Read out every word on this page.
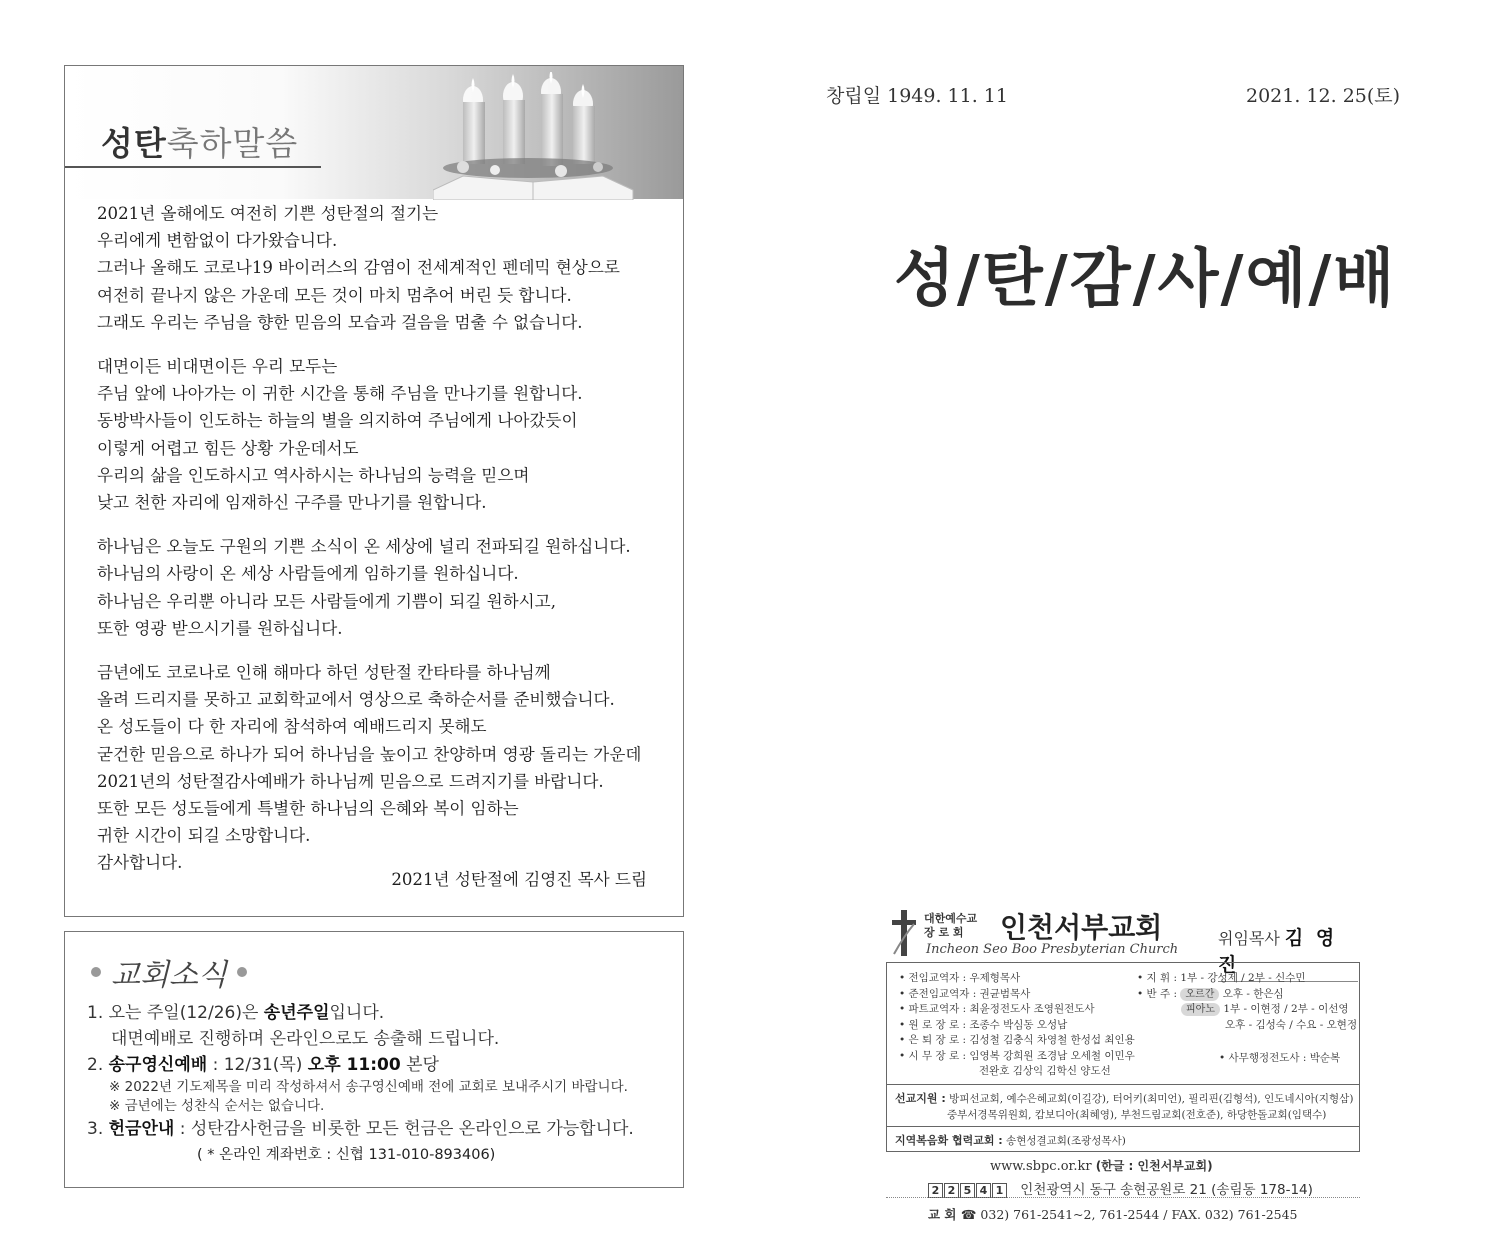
성탄축하말씀

2021년 올해에도 여전히 기쁜 성탄절의 절기는
우리에게 변함없이 다가왔습니다.
그러나 올해도 코로나19 바이러스의 감염이 전세계적인 펜데믹 현상으로
여전히 끝나지 않은 가운데 모든 것이 마치 멈추어 버린 듯 합니다.
그래도 우리는 주님을 향한 믿음의 모습과 걸음을 멈출 수 없습니다.

대면이든 비대면이든 우리 모두는
주님 앞에 나아가는 이 귀한 시간을 통해 주님을 만나기를 원합니다.
동방박사들이 인도하는 하늘의 별을 의지하여 주님에게 나아갔듯이
이렇게 어렵고 힘든 상황 가운데서도
우리의 삶을 인도하시고 역사하시는 하나님의 능력을 믿으며
낮고 천한 자리에 임재하신 구주를 만나기를 원합니다.

하나님은 오늘도 구원의 기쁜 소식이 온 세상에 널리 전파되길 원하십니다.
하나님의 사랑이 온 세상 사람들에게 임하기를 원하십니다.
하나님은 우리뿐 아니라 모든 사람들에게 기쁨이 되길 원하시고,
또한 영광 받으시기를 원하십니다.

금년에도 코로나로 인해 해마다 하던 성탄절 칸타타를 하나님께
올려 드리지를 못하고 교회학교에서 영상으로 축하순서를 준비했습니다.
온 성도들이 다 한 자리에 참석하여 예배드리지 못해도
굳건한 믿음으로 하나가 되어 하나님을 높이고 찬양하며 영광 돌리는 가운데
2021년의 성탄절감사예배가 하나님께 믿음으로 드려지기를 바랍니다.
또한 모든 성도들에게 특별한 하나님의 은혜와 복이 임하는
귀한 시간이 되길 소망합니다.
감사합니다.

2021년 성탄절에 김영진 목사 드림
교회소식
1. 오는 주일(12/26)은 송년주일입니다.
대면예배로 진행하며 온라인으로도 송출해 드립니다.
2. 송구영신예배 : 12/31(목) 오후 11:00 본당
※ 2022년 기도제목을 미리 작성하셔서 송구영신예배 전에 교회로 보내주시기 바랍니다.
※ 금년에는 성찬식 순서는 없습니다.
3. 헌금안내 : 성탄감사헌금을 비롯한 모든 헌금은 온라인으로 가능합니다.
( * 온라인 계좌번호 : 신협 131-010-893406)
창립일 1949. 11. 11	2021. 12. 25(토)
성/탄/감/사/예/배
대한예수교
장 로 회	인천서부교회
Incheon Seo Boo Presbyterian Church
위임목사 김 영 진
• 전임교역자 : 우제형목사
• 준전임교역자 : 권균범목사
• 파트교역자 : 최윤정전도사 조영원전도사
• 원 로 장 로 : 조종수 박심동 오성남
• 은 퇴 장 로 : 김성철 김충식 차영철 한성섭 최인용
• 시 무 장 로 : 임영복 강희원 조경남 오세철 이민우
전완호 김상익 김학신 양도선
• 지 휘 : 1부 - 강성제 / 2부 - 신수민
• 반 주 : 오르간 오후 - 한은심
피아노 1부 - 이현정 / 2부 - 이선영
오후 - 김성숙 / 수요 - 오현정
• 사무행정전도사 : 박순복
선교지원 : 방피선교회, 예수은혜교회(이길강), 터어키(최미언), 필리핀(김형석), 인도네시아(지형삼)
중부서경목위원회, 캄보디아(최혜영), 부천드림교회(전호준), 하당한돌교회(임택수)
지역복음화 협력교회 : 송현성결교회(조광성목사)
www.sbpc.or.kr (한글 : 인천서부교회)
2 2 5 4 1 인천광역시 동구 송현공원로 21 (송림동 178-14)
교 회 ☎ 032) 761-2541~2, 761-2544 / FAX. 032) 761-2545
